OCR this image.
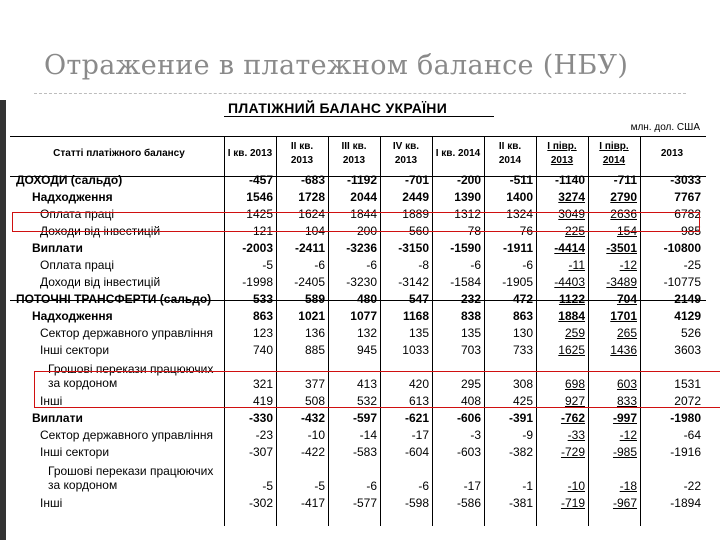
Отражение в платежном балансе (НБУ)
ПЛАТІЖНИЙ БАЛАНС УКРАЇНИ
млн. дол. США
Статті платіжного балансу	I кв. 2013	II кв. 2013	III кв. 2013	IV кв. 2013	I кв. 2014	II кв. 2014	I півр. 2013	I півр. 2014	2013
ДОХОДИ (сальдо)	-457	-683	-1192	-701	-200	-511	-1140	-711	-3033
Надходження	1546	1728	2044	2449	1390	1400	3274	2790	7767
Оплата праці	1425	1624	1844	1889	1312	1324	3049	2636	6782
Доходи від інвестицій	121	104	200	560	78	76	225	154	985
Виплати	-2003	-2411	-3236	-3150	-1590	-1911	-4414	-3501	-10800
Оплата праці	-5	-6	-6	-8	-6	-6	-11	-12	-25
Доходи від інвестицій	-1998	-2405	-3230	-3142	-1584	-1905	-4403	-3489	-10775
ПОТОЧНІ ТРАНСФЕРТИ (сальдо)	533	589	480	547	232	472	1122	704	2149
Надходження	863	1021	1077	1168	838	863	1884	1701	4129
Сектор державного управління	123	136	132	135	135	130	259	265	526
Інші сектори	740	885	945	1033	703	733	1625	1436	3603
Грошові перекази працюючих за кордоном	321	377	413	420	295	308	698	603	1531
Інші	419	508	532	613	408	425	927	833	2072
Виплати	-330	-432	-597	-621	-606	-391	-762	-997	-1980
Сектор державного управління	-23	-10	-14	-17	-3	-9	-33	-12	-64
Інші сектори	-307	-422	-583	-604	-603	-382	-729	-985	-1916
Грошові перекази працюючих за кордоном	-5	-5	-6	-6	-17	-1	-10	-18	-22
Інші	-302	-417	-577	-598	-586	-381	-719	-967	-1894
